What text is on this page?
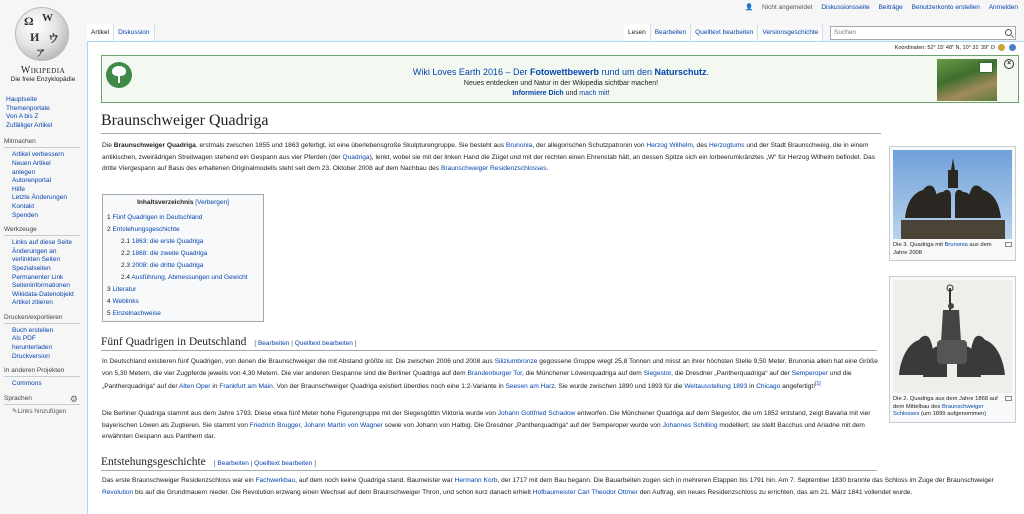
Ω W
И ウ
ア
Wikipedia
Die freie Enzyklopädie
Hauptseite
Themenportale
Von A bis Z
Zufälliger Artikel
Mitmachen
Artikel verbessern
Neuen Artikel anlegen
Autorenportal
Hilfe
Letzte Änderungen
Kontakt
Spenden
Werkzeuge
Links auf diese Seite
Änderungen an verlinkten Seiten
Spezialseiten
Permanenter Link
Seiteninformationen
Wikidata-Datenobjekt
Artikel zitieren
Drucken/exportieren
Buch erstellen
Als PDF herunterladen
Druckversion
In anderen Projekten
Commons
Sprachen	⚙
✎Links hinzufügen
👤 Nicht angemeldet Diskussionsseite Beiträge Benutzerkonto erstellen Anmelden
Artikel	Diskussion	Lesen	Bearbeiten	Quelltext bearbeiten	Versionsgeschichte	Suchen
Koordinaten: 52° 15′ 48″ N, 10° 31′ 39″ O
Wiki Loves Earth 2016 – Der Fotowettbewerb rund um den Naturschutz.
Neues entdecken und Natur in der Wikipedia sichtbar machen!
Informiere Dich und mach mit!
×
Braunschweiger Quadriga
Die Braunschweiger Quadriga, erstmals zwischen 1855 und 1863 gefertigt, ist eine überlebensgroße Skulpturengruppe. Sie besteht aus Brunonia, der allegorischen Schutzpatronin von Herzog Wilhelm, des Herzogtums und der Stadt Braunschweig, die in einem antikischen, zweirädrigen Streitwagen stehend ein Gespann aus vier Pferden (der Quadriga), lenkt, wobei sie mit der linken Hand die Zügel und mit der rechten einen Ehrenstab hält, an dessen Spitze sich ein lorbeerumkränztes „W“ für Herzog Wilhelm befindet. Das dritte Viergespann auf Basis des erhaltenen Originalmodells steht seit dem 23. Oktober 2008 auf dem Nachbau des Braunschweiger Residenzschlosses.
Inhaltsverzeichnis [Verbergen]
1 Fünf Quadrigen in Deutschland
2 Entstehungsgeschichte
2.1 1863: die erste Quadriga
2.2 1868: die zweite Quadriga
2.3 2008: die dritte Quadriga
2.4 Ausführung, Abmessungen und Gewicht
3 Literatur
4 Weblinks
5 Einzelnachweise
Fünf Quadrigen in Deutschland [ Bearbeiten | Quelltext bearbeiten ]
In Deutschland existieren fünf Quadrigen, von denen die Braunschweiger die mit Abstand größte ist: Die zwischen 2006 und 2008 aus Siliziumbronze gegossene Gruppe wiegt 25,8 Tonnen und misst an ihrer höchsten Stelle 9,50 Meter. Brunonia allein hat eine Größe von 5,30 Metern, die vier Zugpferde jeweils von 4,30 Metern. Die vier anderen Gespanne sind die Berliner Quadriga auf dem Brandenburger Tor, die Münchener Löwenquadriga auf dem Siegestor, die Dresdner „Pantherquadriga“ auf der Semperoper und die „Pantherquadriga“ auf der Alten Oper in Frankfurt am Main. Von der Braunschweiger Quadriga existiert überdies noch eine 1:2-Variante in Seesen am Harz. Sie wurde zwischen 1890 und 1893 für die Weltausstellung 1893 in Chicago angefertigt![1]
Die Berliner Quadriga stammt aus dem Jahre 1793. Diese etwa fünf Meter hohe Figurengruppe mit der Siegesgöttin Viktoria wurde von Johann Gottfried Schadow entworfen. Die Münchener Quadriga auf dem Siegestor, die um 1852 entstand, zeigt Bavaria mit vier bayerischen Löwen als Zugtieren. Sie stammt von Friedrich Brugger, Johann Martin von Wagner sowie von Johann von Halbig. Die Dresdner „Pantherquadriga“ auf der Semperoper wurde von Johannes Schilling modelliert; sie stellt Bacchus und Ariadne mit dem erwähnten Gespann aus Panthern dar.
Entstehungsgeschichte [ Bearbeiten | Quelltext bearbeiten ]
Das erste Braunschweiger Residenzschloss war ein Fachwerkbau, auf dem noch keine Quadriga stand. Baumeister war Hermann Korb, der 1717 mit dem Bau begann. Die Bauarbeiten zogen sich in mehreren Etappen bis 1791 hin. Am 7. September 1830 brannte das Schloss im Zuge der Braunschweiger Revolution bis auf die Grundmauern nieder. Die Revolution erzwang einen Wechsel auf dem Braunschweiger Thron, und schon kurz danach erhielt Hofbaumeister Carl Theodor Ottmer den Auftrag, ein neues Residenzschloss zu errichten, das am 21. März 1841 vollendet wurde.
Die 3. Quadriga mit Brunonia aus dem Jahre 2008
Die 2. Quadriga aus dem Jahre 1868 auf dem Mittelbau des Braunschweiger Schlosses (um 1899 aufgenommen)
